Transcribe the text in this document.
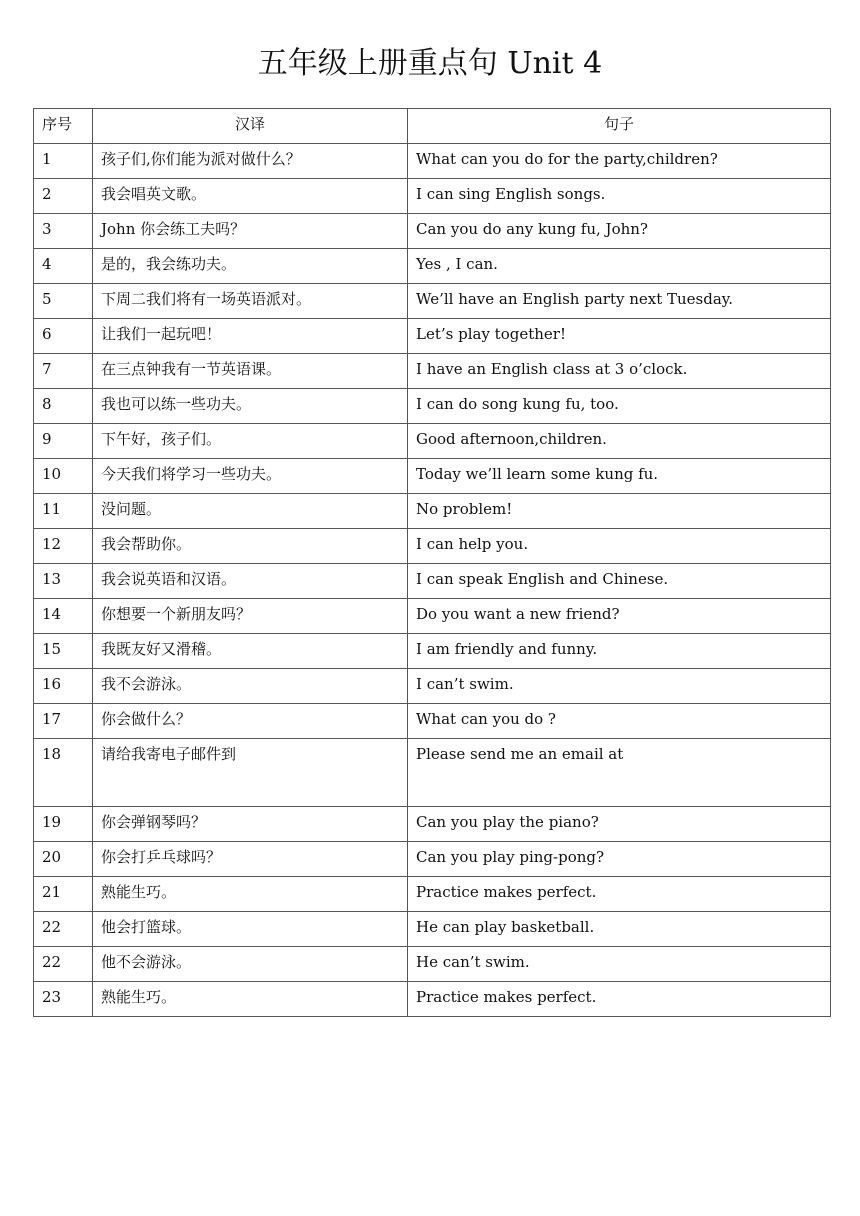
五年级上册重点句 Unit 4
序号	汉译	句子
1	孩子们,你们能为派对做什么？	What can you do for the party,children?
2	我会唱英文歌。	I can sing English songs.
3	John 你会练工夫吗？	Can you do any kung fu, John?
4	是的，我会练功夫。	Yes , I can.
5	下周二我们将有一场英语派对。	We’ll have an English party next Tuesday.
6	让我们一起玩吧！	Let’s play together!
7	在三点钟我有一节英语课。	I have an English class at 3 o’clock.
8	我也可以练一些功夫。	I can do song kung fu, too.
9	下午好，孩子们。	Good afternoon,children.
10	今天我们将学习一些功夫。	Today we’ll learn some kung fu.
11	没问题。	No problem!
12	我会帮助你。	I can help you.
13	我会说英语和汉语。	I can speak English and Chinese.
14	你想要一个新朋友吗？	Do you want a new friend?
15	我既友好又滑稽。	I am friendly and funny.
16	我不会游泳。	I can’t swim.
17	你会做什么？	What can you do ?
18	请给我寄电子邮件到	Please send me an email at
19	你会弹钢琴吗？	Can you play the piano?
20	你会打乒乓球吗？	Can you play ping-pong?
21	熟能生巧。	Practice makes perfect.
22	他会打篮球。	He can play basketball.
22	他不会游泳。	He can’t swim.
23	熟能生巧。	Practice makes perfect.
